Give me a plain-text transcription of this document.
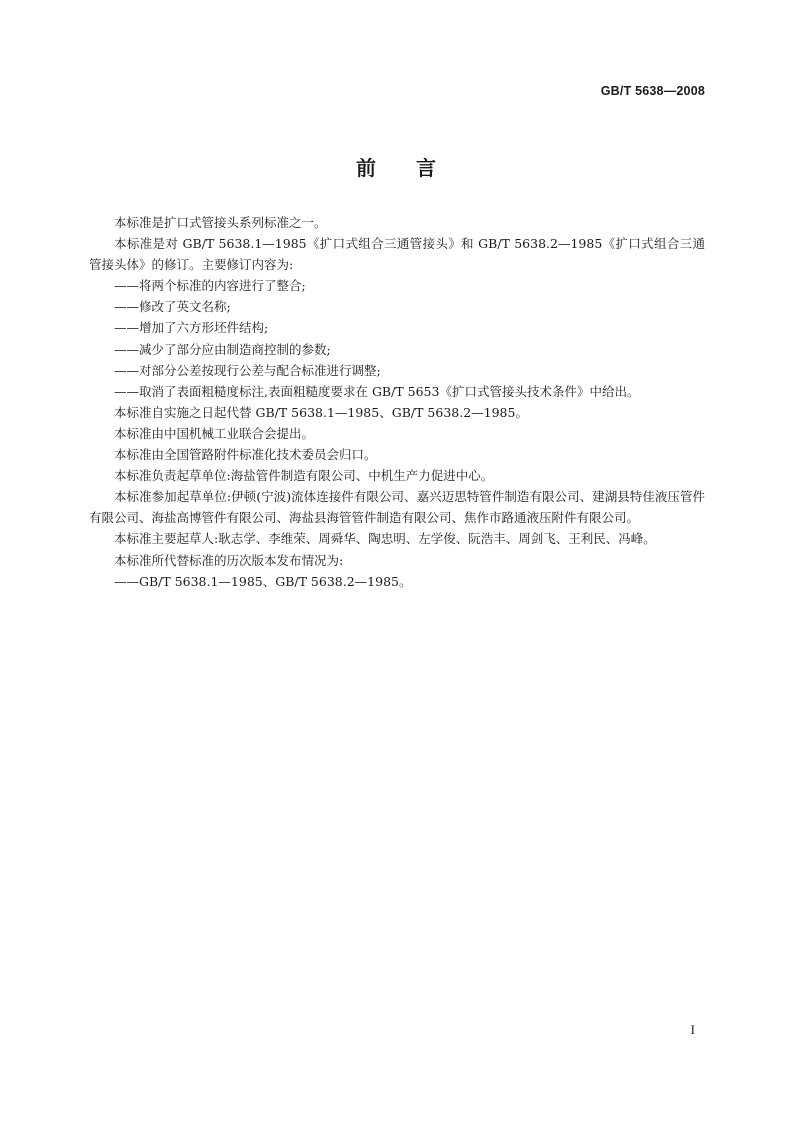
GB/T 5638—2008
前 言

本标准是扩口式管接头系列标准之一。

本标准是对 GB/T 5638.1—1985《扩口式组合三通管接头》和 GB/T 5638.2—1985《扩口式组合三通管接头体》的修订。主要修订内容为:

——将两个标准的内容进行了整合;

——修改了英文名称;

——增加了六方形坯件结构;

——减少了部分应由制造商控制的参数;

——对部分公差按现行公差与配合标准进行调整;

——取消了表面粗糙度标注,表面粗糙度要求在 GB/T 5653《扩口式管接头技术条件》中给出。

本标准自实施之日起代替 GB/T 5638.1—1985、GB/T 5638.2—1985。

本标准由中国机械工业联合会提出。

本标准由全国管路附件标准化技术委员会归口。

本标准负责起草单位:海盐管件制造有限公司、中机生产力促进中心。

本标准参加起草单位:伊顿(宁波)流体连接件有限公司、嘉兴迈思特管件制造有限公司、建湖县特佳液压管件有限公司、海盐高博管件有限公司、海盐县海管管件制造有限公司、焦作市路通液压附件有限公司。

本标准主要起草人:耿志学、李维荣、周舜华、陶忠明、左学俊、阮浩丰、周剑飞、王利民、冯峰。

本标准所代替标准的历次版本发布情况为:

——GB/T 5638.1—1985、GB/T 5638.2—1985。

I
